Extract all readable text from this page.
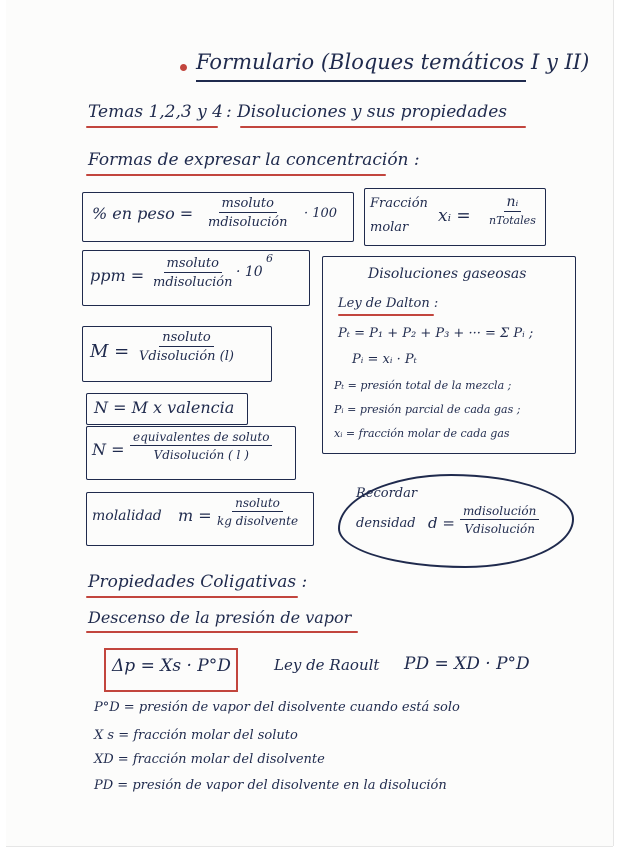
Formulario (Bloques temáticos I y II)
Temas 1,2,3 y 4 : Disoluciones y sus propiedades
Formas de expresar la concentración :
% en peso =
msoluto
mdisolución
· 100
Fracción
molar
xᵢ =
nᵢ
nTotales
ppm =
msoluto
mdisolución
· 10
6
M =
nsoluto
Vdisolución (l)
N = M x valencia
N =
equivalentes de soluto
Vdisolución ( l )
molalidad m =
nsoluto
kg disolvente
Disoluciones gaseosas
Ley de Dalton :
Pₜ = P₁ + P₂ + P₃ + ··· = Σ Pᵢ ;
Pᵢ = xᵢ · Pₜ
Pₜ = presión total de la mezcla ;
Pᵢ = presión parcial de cada gas ;
xᵢ = fracción molar de cada gas
Recordar
densidad d =
mdisolución
Vdisolución
Propiedades Coligativas :
Descenso de la presión de vapor
Δp = Xs · P°D	Ley de Raoult PD = XD · P°D
P°D = presión de vapor del disolvente cuando está solo
X s = fracción molar del soluto
XD = fracción molar del disolvente
PD = presión de vapor del disolvente en la disolución
